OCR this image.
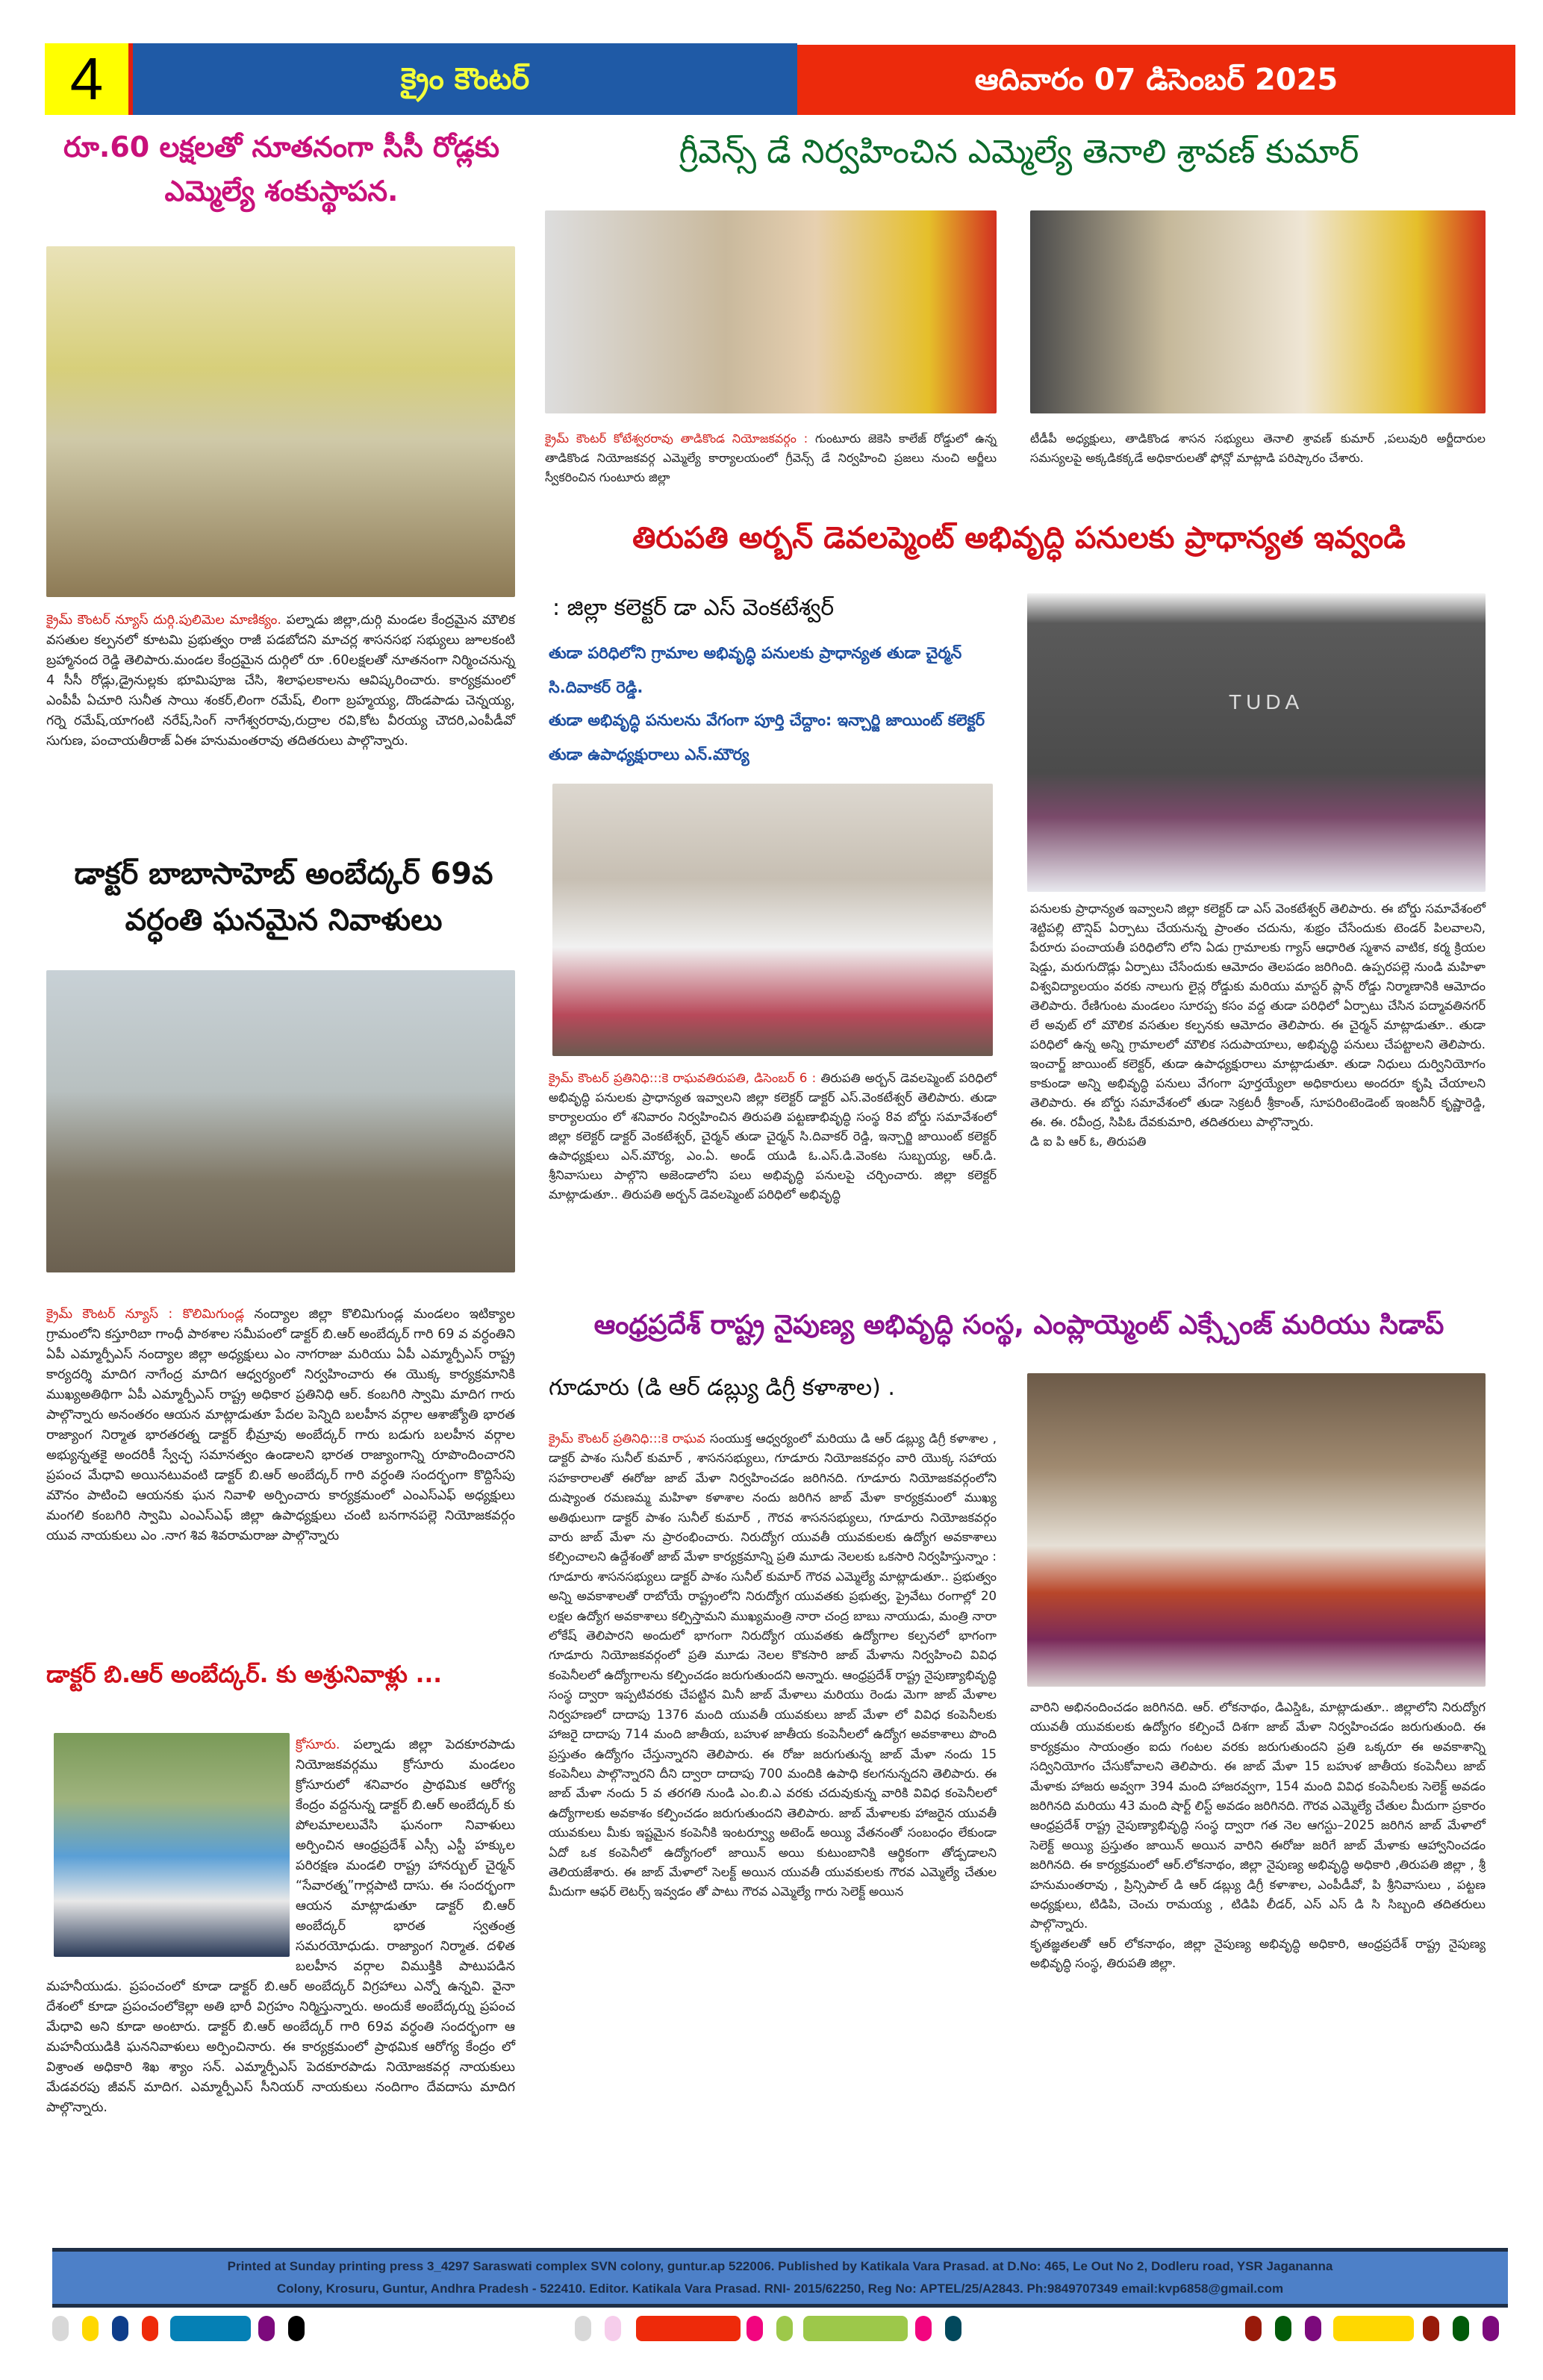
4	క్రైం కౌంటర్	ఆదివారం 07 డిసెంబర్ 2025
రూ.60 లక్షలతో నూతనంగా సీసీ రోడ్లకు ఎమ్మెల్యే శంకుస్థాపన.
క్రైమ్ కౌంటర్ న్యూస్ దుర్గి.పులిమెల మాణిక్యం. పల్నాడు జిల్లా,దుర్గి మండల కేంద్రమైన మౌలిక వసతుల కల్పనలో కూటమి ప్రభుత్వం రాజీ పడబోదని మాచర్ల శాసనసభ సభ్యులు జూలకంటి బ్రహ్మానంద రెడ్డి తెలిపారు.మండల కేంద్రమైన దుర్గిలో రూ .60లక్షలతో నూతనంగా నిర్మించనున్న 4 సీసీ రోడ్లు,డ్రైనుల్లకు భూమిపూజ చేసి, శిలాఫలకాలను ఆవిష్కరించారు. కార్యక్రమంలో ఎంపీపీ ఏచూరి సునీత సాయి శంకర్,లింగా రమేష్, లింగా బ్రహ్మయ్య, దొండపాడు చెన్నయ్య, గర్నె రమేష్,యాగంటి నరేష్,సింగ్ నాగేశ్వరరావు,రుద్రాల రవి,కోట వీరయ్య చౌదరి,ఎంపీడీవో సుగుణ, పంచాయతీరాజ్ ఏఈ హనుమంతరావు తదితరులు పాల్గొన్నారు.
డాక్టర్ బాబాసాహెబ్ అంబేద్కర్ 69వ వర్ధంతి ఘనమైన నివాళులు
క్రైమ్ కౌంటర్ న్యూస్ : కొలిమిగుండ్ల నంద్యాల జిల్లా కొలిమిగుండ్ల మండలం ఇటిక్యాల గ్రామంలోని కస్తూరిబా గాంధీ పాఠశాల సమీపంలో డాక్టర్ బి.ఆర్ అంబేద్కర్ గారి 69 వ వర్ధంతిని ఏపీ ఎమ్మార్పీఎస్ నంద్యాల జిల్లా అధ్యక్షులు ఎం నాగరాజు మరియు ఏపీ ఎమ్మార్పీఎస్ రాష్ట్ర కార్యదర్శి మాదిగ నాగేంద్ర మాదిగ ఆధ్వర్యంలో నిర్వహించారు ఈ యొక్క కార్యక్రమానికి ముఖ్యఅతిథిగా ఏపీ ఎమ్మార్పీఎస్ రాష్ట్ర అధికార ప్రతినిధి ఆర్. కంబగిరి స్వామి మాదిగ గారు పాల్గొన్నారు అనంతరం ఆయన మాట్లాడుతూ పేదల పెన్నిది బలహీన వర్గాల ఆశాజ్యోతి భారత రాజ్యాంగ నిర్మాత భారతరత్న డాక్టర్ భీమ్రావు అంబేద్కర్ గారు బడుగు బలహీన వర్గాల అభ్యున్నతకై అందరికీ స్వేచ్ఛ సమానత్వం ఉండాలని భారత రాజ్యాంగాన్ని రూపొందించారని ప్రపంచ మేధావి అయినటువంటి డాక్టర్ బి.ఆర్ అంబేద్కర్ గారి వర్ధంతి సందర్భంగా కొద్దిసేపు మౌనం పాటించి ఆయనకు ఘన నివాళి అర్పించారు కార్యక్రమంలో ఎంఎస్ఎఫ్ అధ్యక్షులు మంగలి కంబగిరి స్వామి ఎంఎస్ఎఫ్ జిల్లా ఉపాధ్యక్షులు చంటి బనగానపల్లె నియోజకవర్గం యువ నాయకులు ఎం .నాగ శివ శివరామరాజు పాల్గొన్నారు
డాక్టర్ బి.ఆర్ అంబేద్కర్. కు అశ్రునివాళ్లు ...
క్రోసూరు. పల్నాడు జిల్లా పెదకూరపాడు నియోజకవర్గము క్రోసూరు మండలం క్రోసూరులో శనివారం ప్రాథమిక ఆరోగ్య కేంద్రం వద్దనున్న డాక్టర్ బి.ఆర్ అంబేద్కర్ కు పోలమాలలువేసి ఘనంగా నివాళులు అర్పించిన ఆంధ్రప్రదేశ్ ఎస్సీ ఎస్టీ హక్కుల పరిరక్షణ మండలి రాష్ట్ర హానర్బుల్ చైర్మన్ “సేవారత్న”గార్లపాటి దాసు. ఈ సందర్భంగా ఆయన మాట్లాడుతూ డాక్టర్ బి.ఆర్ అంబేద్కర్ భారత స్వతంత్ర సమరయోధుడు. రాజ్యాంగ నిర్మాత. దళిత బలహీన వర్గాల విముక్తికి పాటుపడిన మహనీయుడు. ప్రపంచంలో కూడా డాక్టర్ బి.ఆర్ అంబేద్కర్ విగ్రహాలు ఎన్నో ఉన్నవి. వైనా దేశంలో కూడా ప్రపంచంలోకెల్లా అతి భారీ విగ్రహం నిర్మిస్తున్నారు. అందుకే అంబేద్కర్ను ప్రపంచ మేధావి అని కూడా అంటారు. డాక్టర్ బి.ఆర్ అంబేద్కర్ గారి 69వ వర్ధంతి సందర్భంగా ఆ మహనీయుడికి ఘననివాళులు అర్పించినారు. ఈ కార్యక్రమంలో ప్రాథమిక ఆరోగ్య కేంద్రం లో విశ్రాంత అధికారి శిఖ శ్యాం సన్. ఎమ్మార్పీఎస్ పెదకూరపాడు నియోజకవర్గ నాయకులు మేడవరపు జీవన్ మాదిగ. ఎమ్మార్పీఎస్ సీనియర్ నాయకులు నందిగాం దేవదాసు మాదిగ పాల్గొన్నారు.
గ్రీవెన్స్ డే నిర్వహించిన ఎమ్మెల్యే తెనాలి శ్రావణ్ కుమార్
క్రైమ్ కౌంటర్ కోటేశ్వరరావు తాడికొండ నియోజకవర్గం : గుంటూరు జెకెసి కాలేజ్ రోడ్డులో ఉన్న తాడికొండ నియోజకవర్గ ఎమ్మెల్యే కార్యాలయంలో గ్రీవెన్స్ డే నిర్వహించి ప్రజలు నుంచి అర్జీలు స్వీకరించిన గుంటూరు జిల్లా
టీడీపీ అధ్యక్షులు, తాడికొండ శాసన సభ్యులు తెనాలి శ్రావణ్ కుమార్ ,పలువురి అర్జీదారుల సమస్యలపై అక్కడికక్కడే అధికారులతో ఫోన్లో మాట్లాడి పరిష్కారం చేశారు.
తిరుపతి అర్బన్ డెవలప్మెంట్ అభివృద్ధి పనులకు ప్రాధాన్యత ఇవ్వండి
: జిల్లా కలెక్టర్ డా ఎస్ వెంకటేశ్వర్
తుడా పరిధిలోని గ్రామాల అభివృద్ధి పనులకు ప్రాధాన్యత తుడా చైర్మన్ సి.దివాకర్ రెడ్డి.
తుడా అభివృద్ధి పనులను వేగంగా పూర్తి చేద్దాం: ఇన్చార్జి జాయింట్ కలెక్టర్ తుడా ఉపాధ్యక్షురాలు ఎన్.మౌర్య
TUDA
క్రైమ్ కౌంటర్ ప్రతినిధి:::కె రాఘవతిరుపతి, డిసెంబర్ 6 : తిరుపతి అర్బన్ డెవలప్మెంట్ పరిధిలో అభివృద్ధి పనులకు ప్రాధాన్యత ఇవ్వాలని జిల్లా కలెక్టర్ డాక్టర్ ఎస్.వెంకటేశ్వర్ తెలిపారు. తుడా కార్యాలయం లో శనివారం నిర్వహించిన తిరుపతి పట్టణాభివృద్ధి సంస్థ 8వ బోర్డు సమావేశంలో జిల్లా కలెక్టర్ డాక్టర్ వెంకటేశ్వర్, చైర్మన్ తుడా చైర్మన్ సి.దివాకర్ రెడ్డి, ఇన్చార్జి జాయింట్ కలెక్టర్ ఉపాధ్యక్షులు ఎన్.మౌర్య, ఎం.ఏ. అండ్ యుడి ఓ.ఎస్.డి.వెంకట సుబ్బయ్య, ఆర్.డి. శ్రీనివాసులు పాల్గొని అజెండాలోని పలు అభివృద్ధి పనులపై చర్చించారు. జిల్లా కలెక్టర్ మాట్లాడుతూ.. తిరుపతి అర్బన్ డెవలప్మెంట్ పరిధిలో అభివృద్ధి
పనులకు ప్రాధాన్యత ఇవ్వాలని జిల్లా కలెక్టర్ డా ఎస్ వెంకటేశ్వర్ తెలిపారు. ఈ బోర్డు సమావేశంలో శెట్టిపల్లి టౌన్షిప్ ఏర్పాటు చేయనున్న ప్రాంతం చదును, శుభ్రం చేసేందుకు టెండర్ పిలవాలని, పేరూరు పంచాయతీ పరిధిలోని లోని ఏడు గ్రామాలకు గ్యాస్ ఆధారిత స్మశాన వాటిక, కర్మ క్రియల షెడ్డు, మరుగుదొడ్లు ఏర్పాటు చేసేందుకు ఆమోదం తెలపడం జరిగింది. ఉప్పరపల్లె నుండి మహిళా విశ్వవిద్యాలయం వరకు నాలుగు లైన్ల రోడ్డుకు మరియు మాస్టర్ ప్లాన్ రోడ్డు నిర్మాణానికి ఆమోదం తెలిపారు. రేణిగుంట మండలం సూరప్ప కసం వద్ద తుడా పరిధిలో ఏర్పాటు చేసిన పద్మావతినగర్ లే అవుట్ లో మౌలిక వసతుల కల్పనకు ఆమోదం తెలిపారు. ఈ చైర్మన్ మాట్లాడుతూ.. తుడా పరిధిలో ఉన్న అన్ని గ్రామాలలో మౌలిక సదుపాయాలు, అభివృద్ధి పనులు చేపట్టాలని తెలిపారు. ఇంచార్జ్ జాయింట్ కలెక్టర్, తుడా ఉపాధ్యక్షురాలు మాట్లాడుతూ. తుడా నిధులు దుర్వినియోగం కాకుండా అన్ని అభివృద్ధి పనులు వేగంగా పూర్తయ్యేలా అధికారులు అందరూ కృషి చేయాలని తెలిపారు. ఈ బోర్డు సమావేశంలో తుడా సెక్రటరీ శ్రీకాంత్, సూపరింటెండెంట్ ఇంజనీర్ కృష్ణారెడ్డి, ఈ. ఈ. రవీంద్ర, సిపిఓ దేవకుమారి, తదితరులు పాల్గొన్నారు.
డి ఐ పి ఆర్ ఓ, తిరుపతి
ఆంధ్రప్రదేశ్ రాష్ట్ర నైపుణ్య అభివృద్ధి సంస్థ, ఎంప్లాయ్మెంట్ ఎక్స్చేంజ్ మరియు సిడాప్
గూడూరు (డి ఆర్ డబ్ల్యు డిగ్రీ కళాశాల) .
క్రైమ్ కౌంటర్ ప్రతినిధి:::కె రాఘవ సంయుక్త ఆధ్వర్యంలో మరియు డి ఆర్ డబ్ల్యు డిగ్రీ కళాశాల , డాక్టర్ పాశం సునీల్ కుమార్ , శాసనసభ్యులు, గూడూరు నియోజకవర్గం వారి యొక్క సహాయ సహకారాలతో ఈరోజు జాబ్ మేళా నిర్వహించడం జరిగినది. గూడూరు నియోజకవర్గంలోని దుష్యాంత రమణమ్మ మహిళా కళాశాల నందు జరిగిన జాబ్ మేళా కార్యక్రమంలో ముఖ్య అతిథులుగా డాక్టర్ పాశం సునీల్ కుమార్ , గౌరవ శాసనసభ్యులు, గూడూరు నియోజకవర్గం వారు జాబ్ మేళా ను ప్రారంభించారు. నిరుద్యోగ యువతీ యువకులకు ఉద్యోగ అవకాశాలు కల్పించాలని ఉద్దేశంతో జాబ్ మేళా కార్యక్రమాన్ని ప్రతి మూడు నెలలకు ఒకసారి నిర్వహిస్తున్నాం : గూడూరు శాసనసభ్యులు డాక్టర్ పాశం సునీల్ కుమార్ గౌరవ ఎమ్మెల్యే మాట్లాడుతూ.. ప్రభుత్వం అన్ని అవకాశాలతో రాబోయే రాష్ట్రంలోని నిరుద్యోగ యువతకు ప్రభుత్వ, ప్రైవేటు రంగాల్లో 20 లక్షల ఉద్యోగ అవకాశాలు కల్పిస్తామని ముఖ్యమంత్రి నారా చంద్ర బాబు నాయుడు, మంత్రి నారా లోకేష్ తెలిపారని అందులో భాగంగా నిరుద్యోగ యువతకు ఉద్యోగాల కల్పనలో భాగంగా గూడూరు నియోజకవర్గంలో ప్రతి మూడు నెలల కొకసారి జాబ్ మేళాను నిర్వహించి వివిధ కంపెనీలలో ఉద్యోగాలను కల్పించడం జరుగుతుందని అన్నారు. ఆంధ్రప్రదేశ్ రాష్ట్ర నైపుణ్యాభివృద్ధి సంస్థ ద్వారా ఇప్పటివరకు చేపట్టిన మినీ జాబ్ మేళాలు మరియు రెండు మెగా జాబ్ మేళాల నిర్వహణలో దాదాపు 1376 మంది యువతీ యువకులు జాబ్ మేళా లో వివిధ కంపెనీలకు హాజరై దాదాపు 714 మంది జాతీయ, బహుళ జాతీయ కంపెనీలలో ఉద్యోగ అవకాశాలు పొంది ప్రస్తుతం ఉద్యోగం చేస్తున్నారని తెలిపారు. ఈ రోజు జరుగుతున్న జాబ్ మేళా నందు 15 కంపెనీలు పాల్గొన్నారని దీని ద్వారా దాదాపు 700 మందికి ఉపాధి కలగనున్నదని తెలిపారు. ఈ జాబ్ మేళా నందు 5 వ తరగతి నుండి ఎం.బి.ఎ వరకు చదువుకున్న వారికి వివిధ కంపెనీలలో ఉద్యోగాలకు అవకాశం కల్పించడం జరుగుతుందని తెలిపారు. జాబ్ మేళాలకు హాజరైన యువతీ యువకులు మీకు ఇష్టమైన కంపెనీకి ఇంటర్వ్యూ అటెండ్ అయ్యి వేతనంతో సంబంధం లేకుండా ఏదో ఒక కంపెనీలో ఉద్యోగంలో జాయిన్ అయి కుటుంబానికి ఆర్థికంగా తోడ్పడాలని తెలియజేశారు. ఈ జాబ్ మేళాలో సెలక్ట్ అయిన యువతీ యువకులకు గౌరవ ఎమ్మెల్యే చేతుల మీదుగా ఆఫర్ లెటర్స్ ఇవ్వడం తో పాటు గౌరవ ఎమ్మెల్యే గారు సెలెక్ట్ అయిన
వారిని అభినందించడం జరిగినది. ఆర్. లోకనాథం, డిఎస్డిఓ, మాట్లాడుతూ.. జిల్లాలోని నిరుద్యోగ యువతీ యువకులకు ఉద్యోగం కల్పించే దిశగా జాబ్ మేళా నిర్వహించడం జరుగుతుంది. ఈ కార్యక్రమం సాయంత్రం ఐదు గంటల వరకు జరుగుతుందని ప్రతి ఒక్కరూ ఈ అవకాశాన్ని సద్వినియోగం చేసుకోవాలని తెలిపారు. ఈ జాబ్ మేళా 15 బహుళ జాతీయ కంపెనీలు జాబ్ మేళాకు హాజరు అవ్వగా 394 మంది హాజరవ్వగా, 154 మంది వివిధ కంపెనీలకు సెలెక్ట్ అవడం జరిగినది మరియు 43 మంది షార్ట్ లిస్ట్ అవడం జరిగినది. గౌరవ ఎమ్మెల్యే చేతుల మీదుగా ప్రకారం ఆంధ్రప్రదేశ్ రాష్ట్ర నైపుణ్యాభివృద్ధి సంస్థ ద్వారా గత నెల ఆగస్టు–2025 జరిగిన జాబ్ మేళాలో సెలెక్ట్ అయ్యి ప్రస్తుతం జాయిన్ అయిన వారిని ఈరోజు జరిగే జాబ్ మేళాకు ఆహ్వానించడం జరిగినది. ఈ కార్యక్రమంలో ఆర్.లోకనాథం, జిల్లా నైపుణ్య అభివృద్ధి అధికారి ,తిరుపతి జిల్లా , శ్రీ హనుమంతరావు , ప్రిన్సిపాల్ డి ఆర్ డబ్ల్యు డిగ్రీ కళాశాల, ఎంపీడీవో, పి శ్రీనివాసులు , పట్టణ అధ్యక్షులు, టిడిపి, చెంచు రామయ్య , టిడిపి లీడర్, ఎస్ ఎస్ డి సి సిబ్బంది తదితరులు పాల్గొన్నారు.
కృతజ్ఞతలతో ఆర్ లోకనాథం, జిల్లా నైపుణ్య అభివృద్ధి అధికారి, ఆంధ్రప్రదేశ్ రాష్ట్ర నైపుణ్య అభివృద్ధి సంస్థ, తిరుపతి జిల్లా.
Printed at Sunday printing press 3_4297 Saraswati complex SVN colony, guntur.ap 522006. Published by Katikala Vara Prasad. at D.No: 465, Le Out No 2, Dodleru road, YSR Jagananna
Colony, Krosuru, Guntur, Andhra Pradesh - 522410. Editor. Katikala Vara Prasad. RNI- 2015/62250, Reg No: APTEL/25/A2843. Ph:9849707349 email:kvp6858@gmail.com
